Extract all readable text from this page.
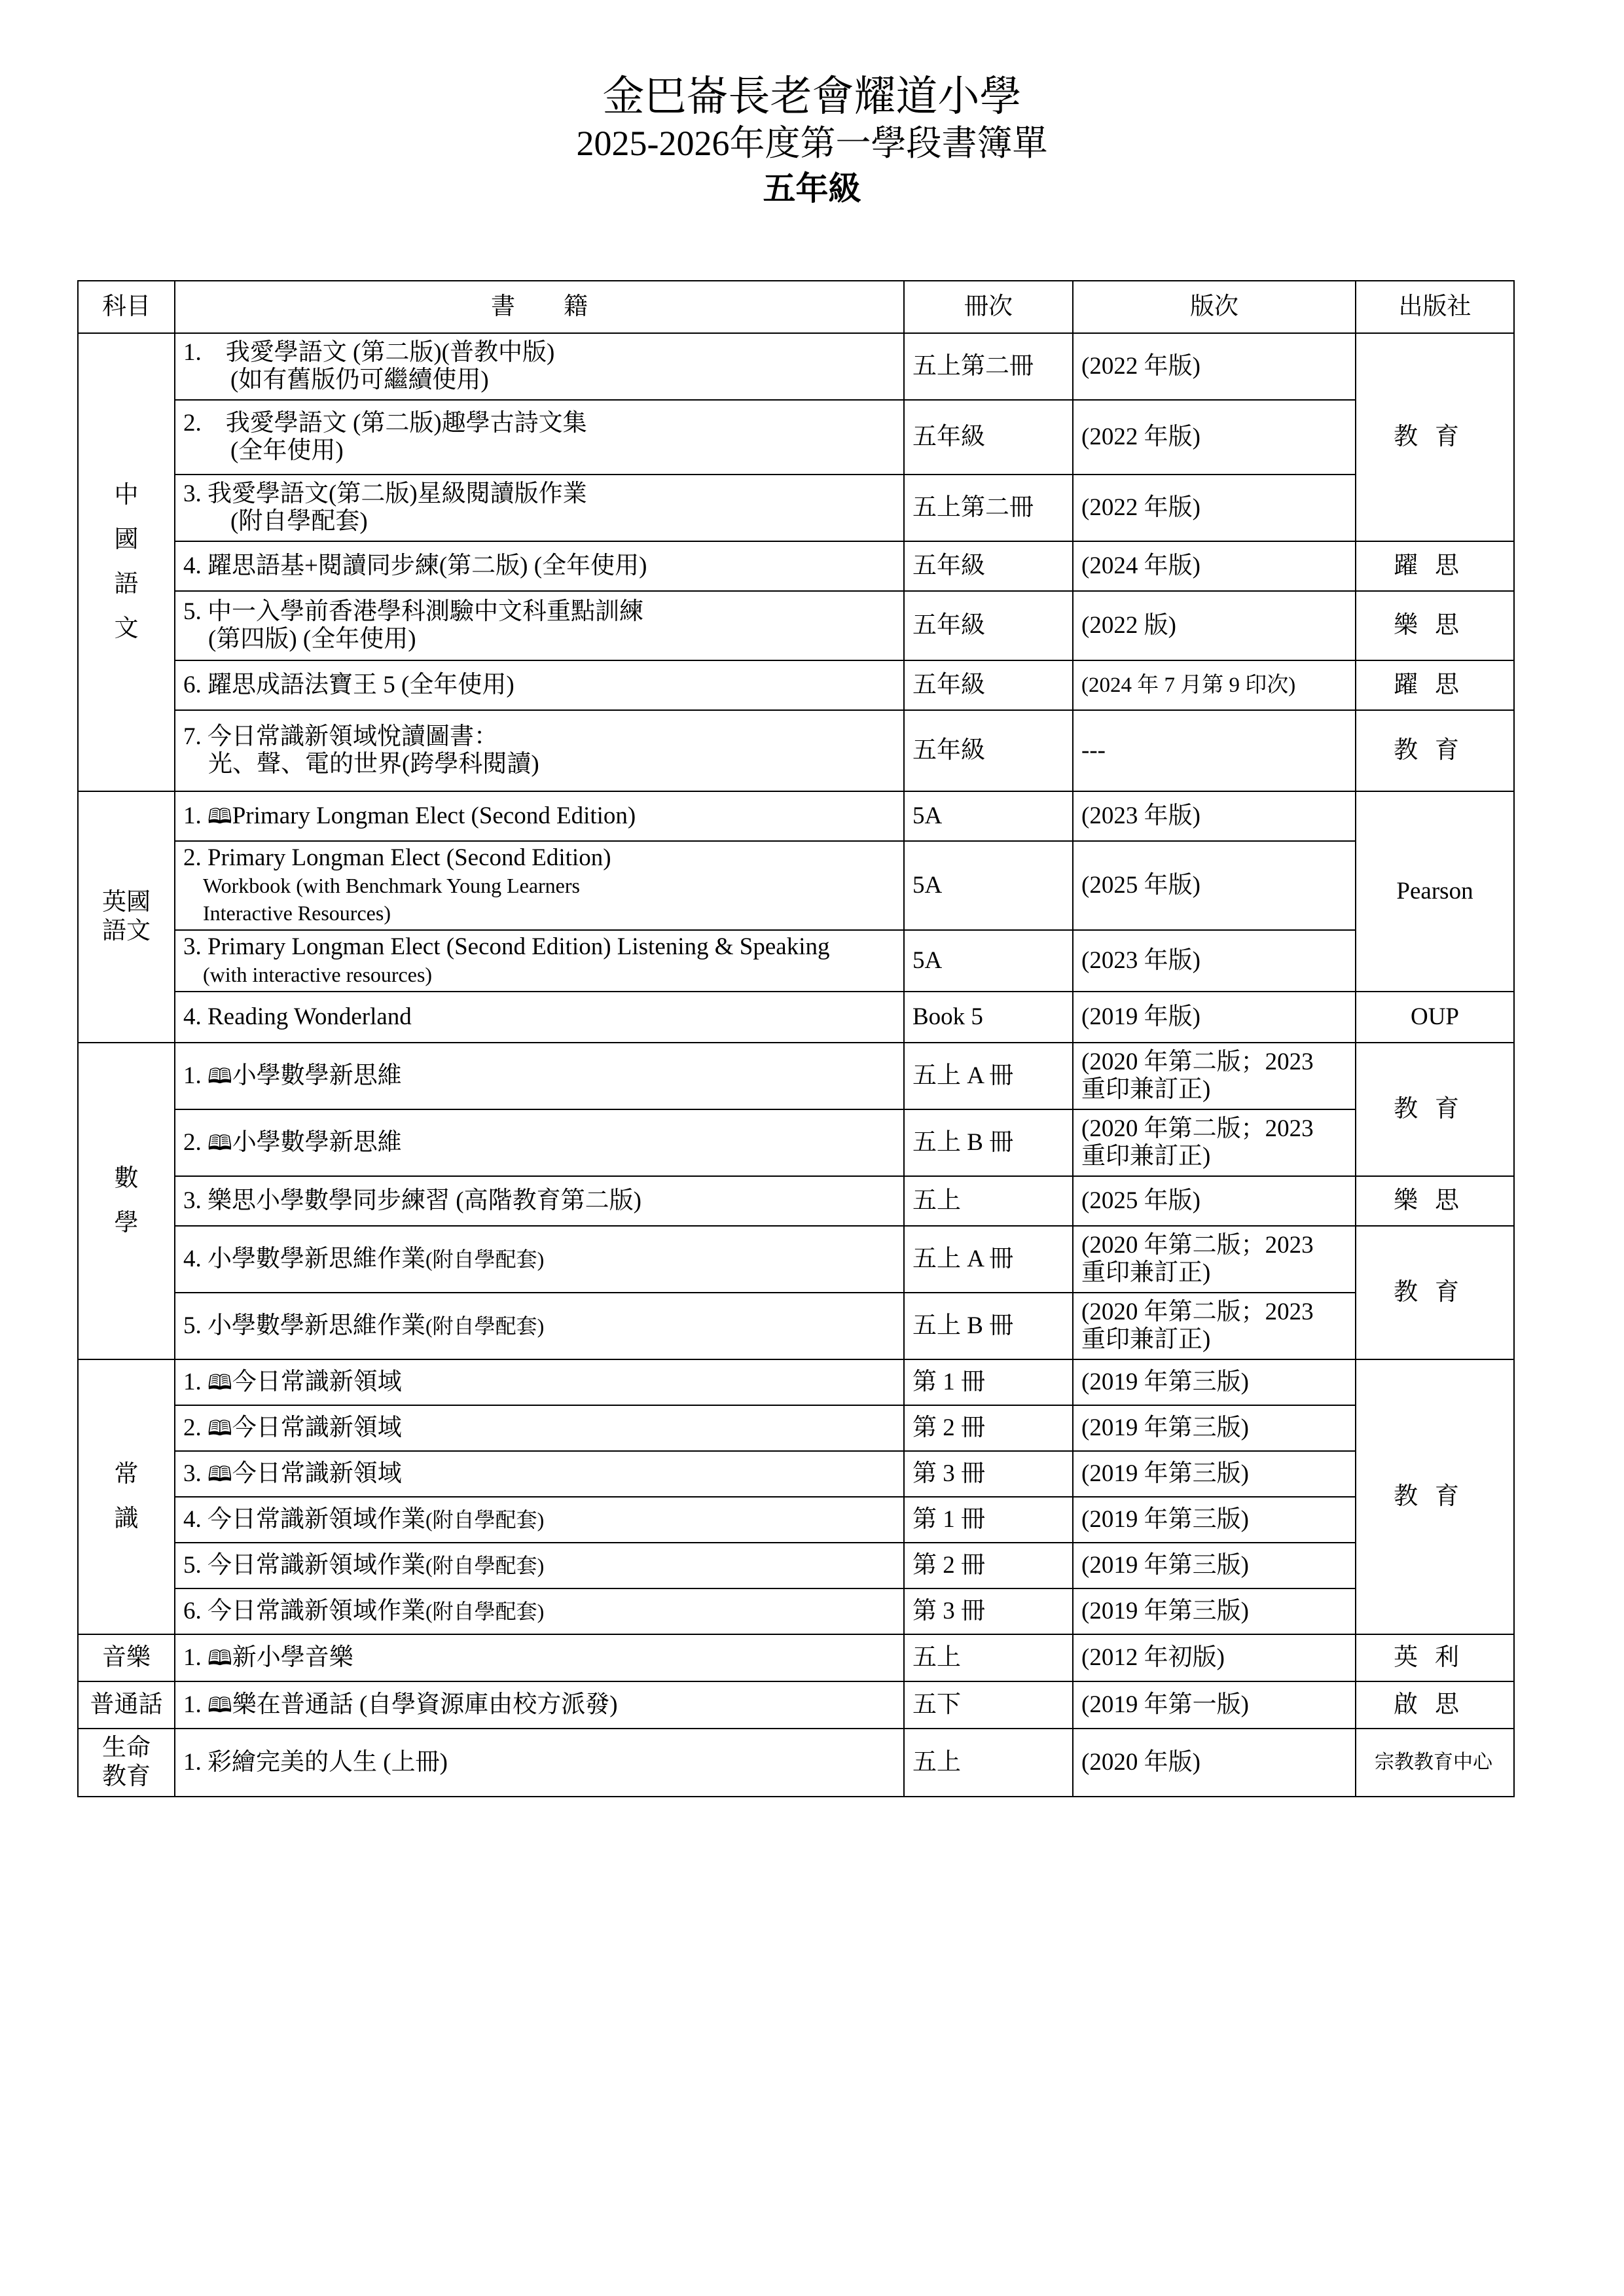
金巴崙長老會耀道小學
2025-2026年度第一學段書簿單
五年級
科目	書　　籍	冊次	版次	出版社
中國語文	1.　我愛學語文 (第二版)(普教中版)
(如有舊版仍可繼續使用)	五上第二冊	(2022 年版)	教育

	2.　我愛學語文 (第二版)趣學古詩文集
(全年使用)	五年級	(2022 年版)	

	3. 我愛學語文(第二版)星級閱讀版作業
(附自學配套)	五上第二冊	(2022 年版)	

	4. 躍思語基+閱讀同步練(第二版) (全年使用)	五年級	(2024 年版)	躍思

	5. 中一入學前香港學科測驗中文科重點訓練
(第四版) (全年使用)	五年級	(2022 版)	樂思

	6. 躍思成語法寶王 5 (全年使用)	五年級	(2024 年 7 月第 9 印次)	躍思

	7. 今日常識新領域悅讀圖書：
光、聲、電的世界(跨學科閱讀)	五年級	---	教育
英國語文	1. 🕮Primary Longman Elect (Second Edition)	5A	(2023 年版)	Pearson

	2. Primary Longman Elect (Second Edition)
Workbook (with Benchmark Young Learners
Interactive Resources)	5A	(2025 年版)	

	3. Primary Longman Elect (Second Edition) Listening & Speaking
(with interactive resources)	5A	(2023 年版)	

	4. Reading Wonderland	Book 5	(2019 年版)	OUP
數學	1. 🕮小學數學新思維	五上 A 冊	(2020 年第二版；2023
重印兼訂正)	教育

	2. 🕮小學數學新思維	五上 B 冊	(2020 年第二版；2023
重印兼訂正)	

	3. 樂思小學數學同步練習 (高階教育第二版)	五上	(2025 年版)	樂思

	4. 小學數學新思維作業(附自學配套)	五上 A 冊	(2020 年第二版；2023
重印兼訂正)	教育

	5. 小學數學新思維作業(附自學配套)	五上 B 冊	(2020 年第二版；2023
重印兼訂正)	

常識	1. 🕮今日常識新領域	第 1 冊	(2019 年第三版)	教育

	2. 🕮今日常識新領域	第 2 冊	(2019 年第三版)	

	3. 🕮今日常識新領域	第 3 冊	(2019 年第三版)	

	4. 今日常識新領域作業(附自學配套)	第 1 冊	(2019 年第三版)	

	5. 今日常識新領域作業(附自學配套)	第 2 冊	(2019 年第三版)	

	6. 今日常識新領域作業(附自學配套)	第 3 冊	(2019 年第三版)	
音樂	1. 🕮新小學音樂	五上	(2012 年初版)	英利
普通話	1. 🕮樂在普通話 (自學資源庫由校方派發)	五下	(2019 年第一版)	啟思
生命教育	1. 彩繪完美的人生 (上冊)	五上	(2020 年版)	宗教教育中心
